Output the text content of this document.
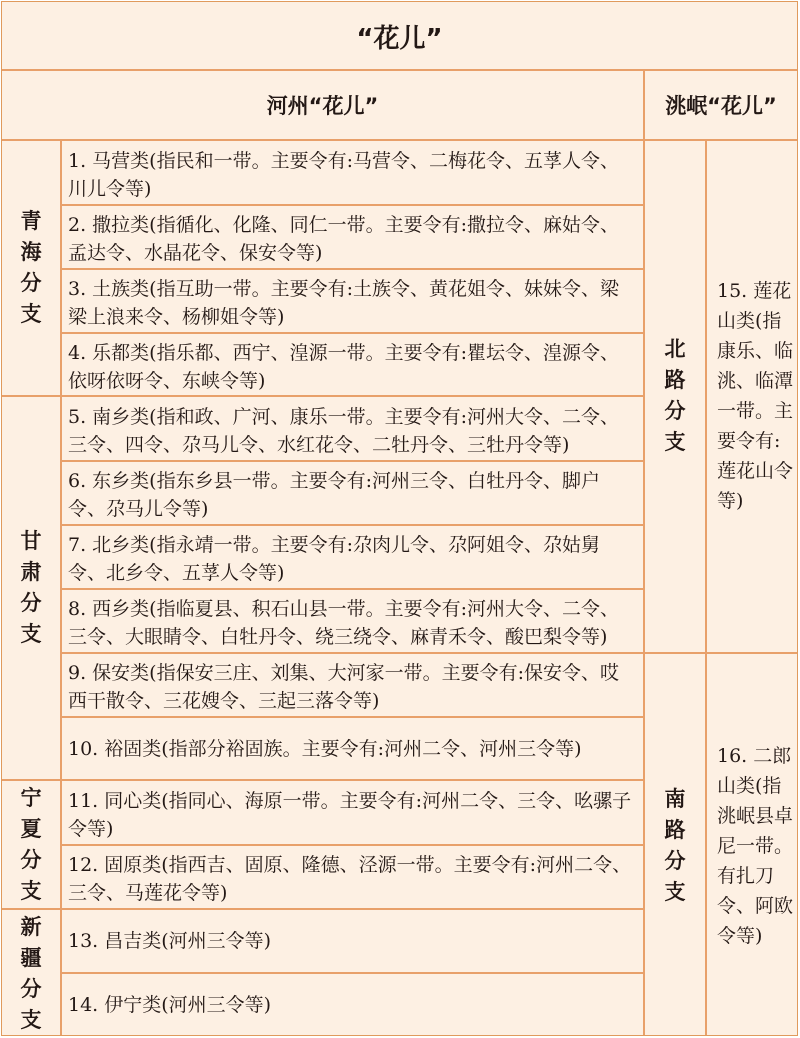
“花儿”
河州“花儿”	洮岷“花儿”
青海分支
甘肃分支
宁夏分支
新疆分支
1. 马营类(指民和一带。主要令有:马营令、二梅花令、五莩人令、川儿令等)
2. 撒拉类(指循化、化隆、同仁一带。主要令有:撒拉令、麻姑令、孟达令、水晶花令、保安令等)
3. 土族类(指互助一带。主要令有:土族令、黄花姐令、妹妹令、梁梁上浪来令、杨柳姐令等)
4. 乐都类(指乐都、西宁、湟源一带。主要令有:瞿坛令、湟源令、依呀依呀令、东峡令等)
5. 南乡类(指和政、广河、康乐一带。主要令有:河州大令、二令、三令、四令、尕马儿令、水红花令、二牡丹令、三牡丹令等)
6. 东乡类(指东乡县一带。主要令有:河州三令、白牡丹令、脚户令、尕马儿令等)
7. 北乡类(指永靖一带。主要令有:尕肉儿令、尕阿姐令、尕姑舅令、北乡令、五莩人令等)
8. 西乡类(指临夏县、积石山县一带。主要令有:河州大令、二令、三令、大眼睛令、白牡丹令、绕三绕令、麻青禾令、酸巴梨令等)
9. 保安类(指保安三庄、刘集、大河家一带。主要令有:保安令、哎西干散令、三花嫂令、三起三落令等)
10. 裕固类(指部分裕固族。主要令有:河州二令、河州三令等)
11. 同心类(指同心、海原一带。主要令有:河州二令、三令、吆骡子令等)
12. 固原类(指西吉、固原、隆德、泾源一带。主要令有:河州二令、三令、马莲花令等)
13. 昌吉类(河州三令等)
14. 伊宁类(河州三令等)
北路分支
15. 莲花山类(指康乐、临洮、临潭一带。主要令有:莲花山令等)
南路分支
16. 二郎山类(指洮岷县卓尼一带。有扎刀令、阿欧令等)
